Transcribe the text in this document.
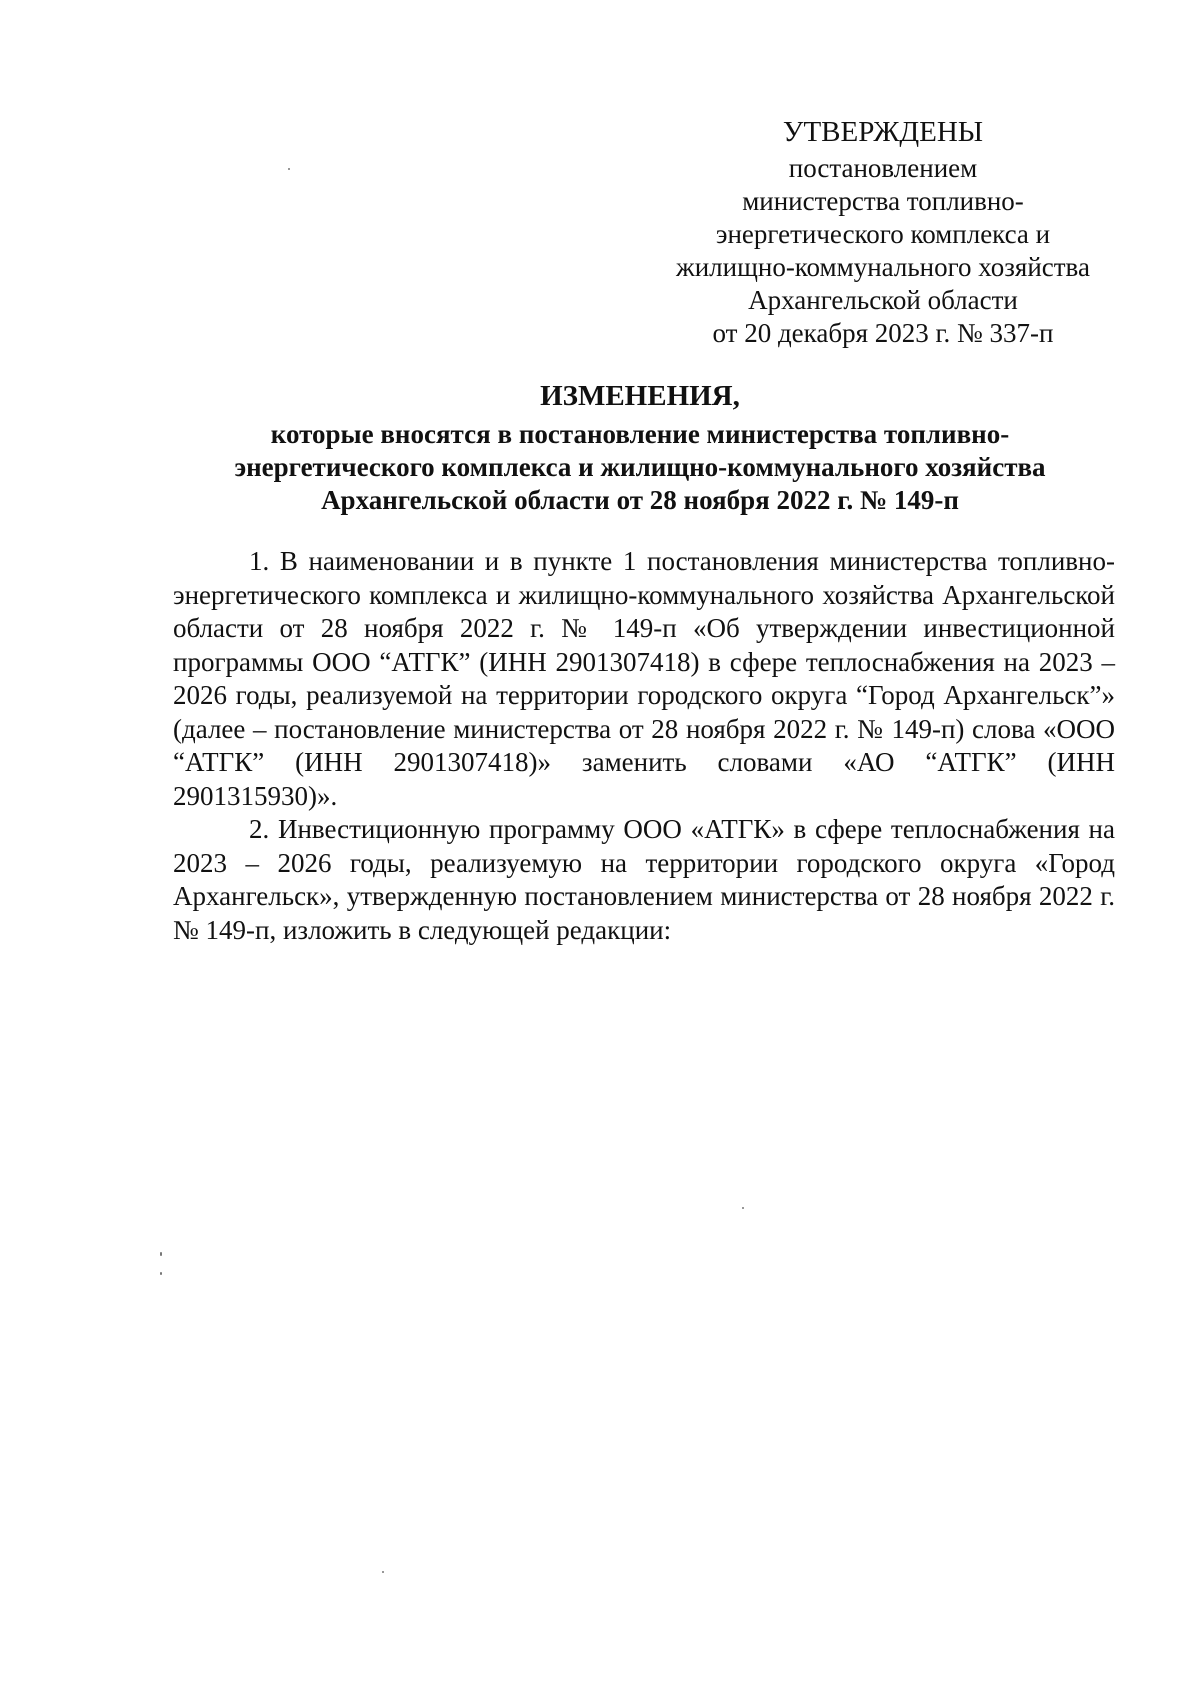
УТВЕРЖДЕНЫ
постановлением
министерства топливно-
энергетического комплекса и
жилищно-коммунального хозяйства
Архангельской области
от 20 декабря 2023 г. № 337-п
ИЗМЕНЕНИЯ,
которые вносятся в постановление министерства топливно-
энергетического комплекса и жилищно-коммунального хозяйства
Архангельской области от 28 ноября 2022 г. № 149-п

1. В наименовании и в пункте 1 постановления министерства топливно-энергетического комплекса и жилищно-коммунального хозяйства Архангельской области от 28 ноября 2022 г. № 149-п «Об утверждении инвестиционной программы ООО “АТГК” (ИНН 2901307418) в сфере теплоснабжения на 2023 – 2026 годы, реализуемой на территории городского округа “Город Архангельск”» (далее – постановление министерства от 28 ноября 2022 г. № 149-п) слова «ООО “АТГК” (ИНН 2901307418)» заменить словами «АО “АТГК” (ИНН 2901315930)».

2. Инвестиционную программу ООО «АТГК» в сфере теплоснабжения на 2023 – 2026 годы, реализуемую на территории городского округа «Город Архангельск», утвержденную постановлением министерства от 28 ноября 2022 г. № 149-п, изложить в следующей редакции:
